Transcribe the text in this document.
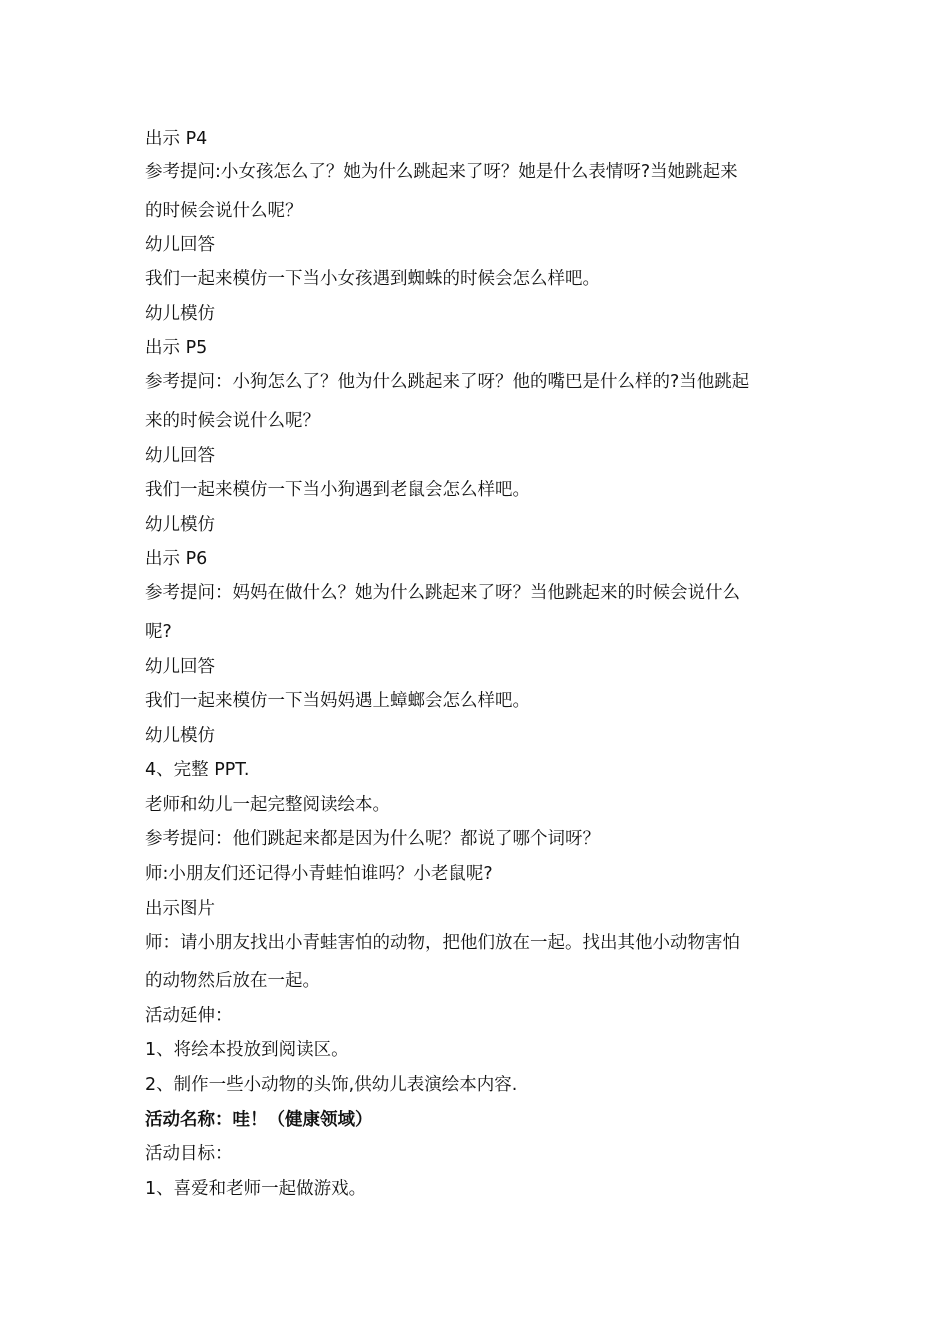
出示 P4

参考提问:小女孩怎么了？她为什么跳起来了呀？她是什么表情呀?当她跳起来

的时候会说什么呢？

幼儿回答

我们一起来模仿一下当小女孩遇到蜘蛛的时候会怎么样吧。

幼儿模仿

出示 P5

参考提问：小狗怎么了？他为什么跳起来了呀？他的嘴巴是什么样的?当他跳起

来的时候会说什么呢？

幼儿回答

我们一起来模仿一下当小狗遇到老鼠会怎么样吧。

幼儿模仿

出示 P6

参考提问：妈妈在做什么？她为什么跳起来了呀？当他跳起来的时候会说什么

呢?

幼儿回答

我们一起来模仿一下当妈妈遇上蟑螂会怎么样吧。

幼儿模仿

4、完整 PPT.

老师和幼儿一起完整阅读绘本。

参考提问：他们跳起来都是因为什么呢？都说了哪个词呀？

师:小朋友们还记得小青蛙怕谁吗？小老鼠呢?

出示图片

师：请小朋友找出小青蛙害怕的动物，把他们放在一起。找出其他小动物害怕

的动物然后放在一起。

活动延伸：

1、将绘本投放到阅读区。

2、制作一些小动物的头饰,供幼儿表演绘本内容.

活动名称：哇！（健康领域）

活动目标：

1、喜爱和老师一起做游戏。
